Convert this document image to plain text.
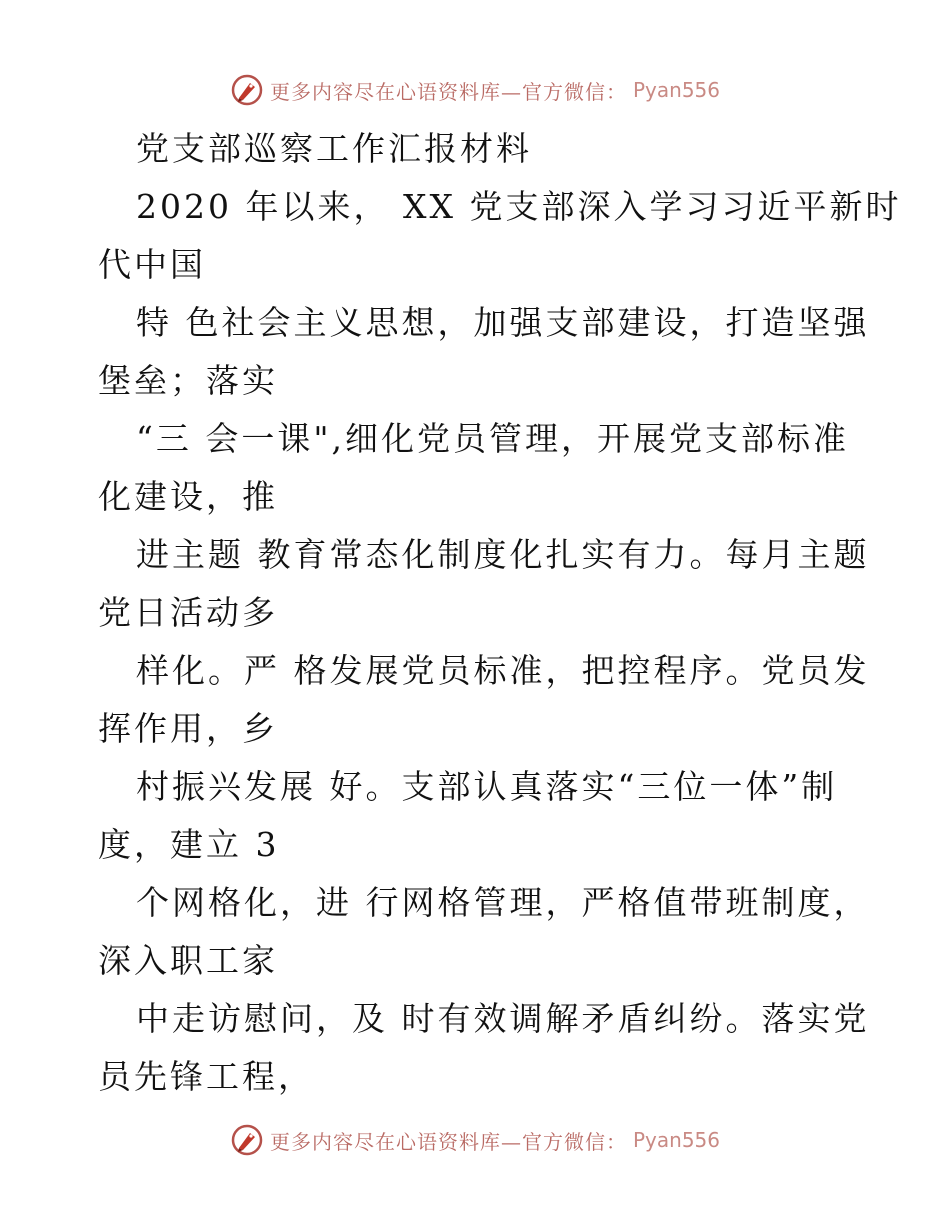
更多内容尽在心语资料库—官方微信： Pyan556
党支部巡察工作汇报材料
2020 年以来， XX 党支部深入学习习近平新时
代中国
特 色社会主义思想，加强支部建设，打造坚强
堡垒；落实
“三 会一课",细化党员管理，开展党支部标准
化建设，推
进主题 教育常态化制度化扎实有力。每月主题
党日活动多
样化。严 格发展党员标准，把控程序。党员发
挥作用，乡
村振兴发展 好。支部认真落实“三位一体”制
度，建立 3
个网格化，进 行网格管理，严格值带班制度，
深入职工家
中走访慰问，及 时有效调解矛盾纠纷。落实党
员先锋工程，
更多内容尽在心语资料库—官方微信： Pyan556
